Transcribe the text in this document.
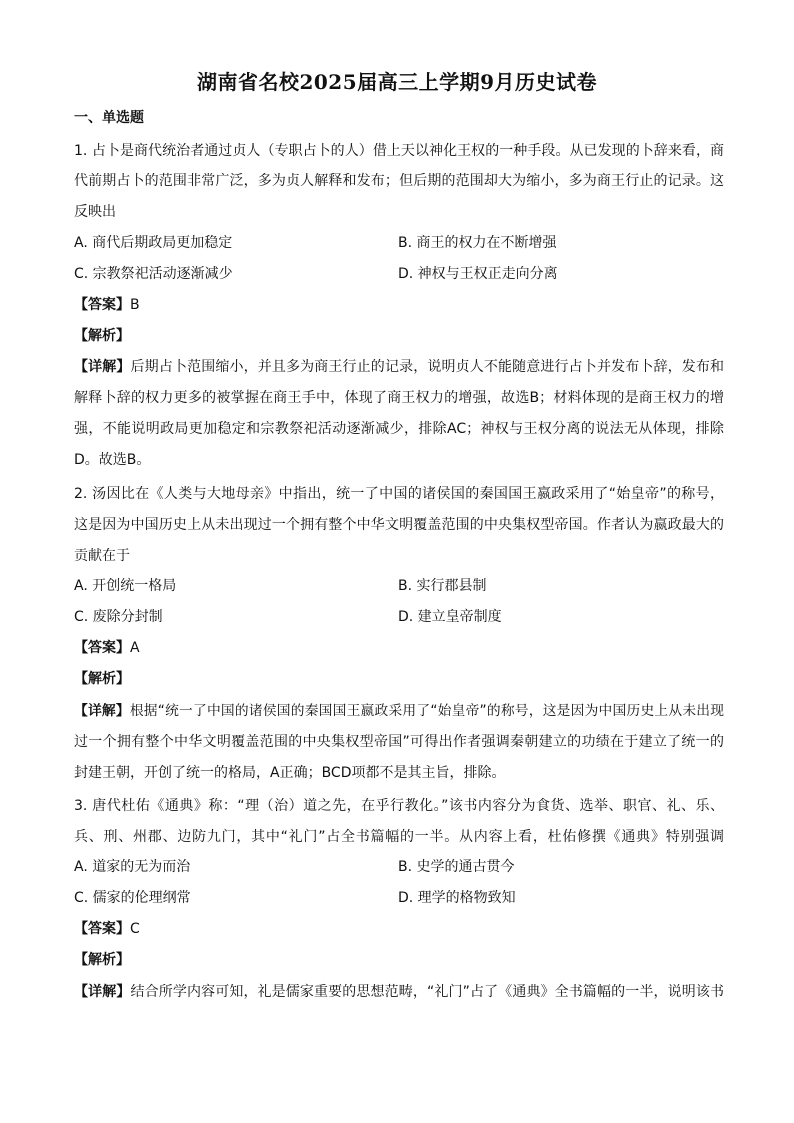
湖南省名校2025届高三上学期9月历史试卷
一、单选题
1. 占卜是商代统治者通过贞人（专职占卜的人）借上天以神化王权的一种手段。从已发现的卜辞来看，商
代前期占卜的范围非常广泛，多为贞人解释和发布；但后期的范围却大为缩小，多为商王行止的记录。这
反映出
A. 商代后期政局更加稳定	B. 商王的权力在不断增强
C. 宗教祭祀活动逐渐减少	D. 神权与王权正走向分离
【答案】B
【解析】
【详解】后期占卜范围缩小，并且多为商王行止的记录，说明贞人不能随意进行占卜并发布卜辞，发布和
解释卜辞的权力更多的被掌握在商王手中，体现了商王权力的增强，故选B；材料体现的是商王权力的增
强，不能说明政局更加稳定和宗教祭祀活动逐渐减少，排除AC；神权与王权分离的说法无从体现，排除
D。故选B。
2. 汤因比在《人类与大地母亲》中指出，统一了中国的诸侯国的秦国国王嬴政采用了“始皇帝”的称号，
这是因为中国历史上从未出现过一个拥有整个中华文明覆盖范围的中央集权型帝国。作者认为嬴政最大的
贡献在于
A. 开创统一格局	B. 实行郡县制
C. 废除分封制	D. 建立皇帝制度
【答案】A
【解析】
【详解】根据“统一了中国的诸侯国的秦国国王嬴政采用了“始皇帝”的称号，这是因为中国历史上从未出现
过一个拥有整个中华文明覆盖范围的中央集权型帝国”可得出作者强调秦朝建立的功绩在于建立了统一的
封建王朝，开创了统一的格局，A正确；BCD项都不是其主旨，排除。
3. 唐代杜佑《通典》称：“理（治）道之先，在乎行教化。”该书内容分为食货、选举、职官、礼、乐、
兵、刑、州郡、边防九门，其中“礼门”占全书篇幅的一半。从内容上看，杜佑修撰《通典》特别强调
A. 道家的无为而治	B. 史学的通古贯今
C. 儒家的伦理纲常	D. 理学的格物致知
【答案】C
【解析】
【详解】结合所学内容可知，礼是儒家重要的思想范畴，“礼门”占了《通典》全书篇幅的一半，说明该书
